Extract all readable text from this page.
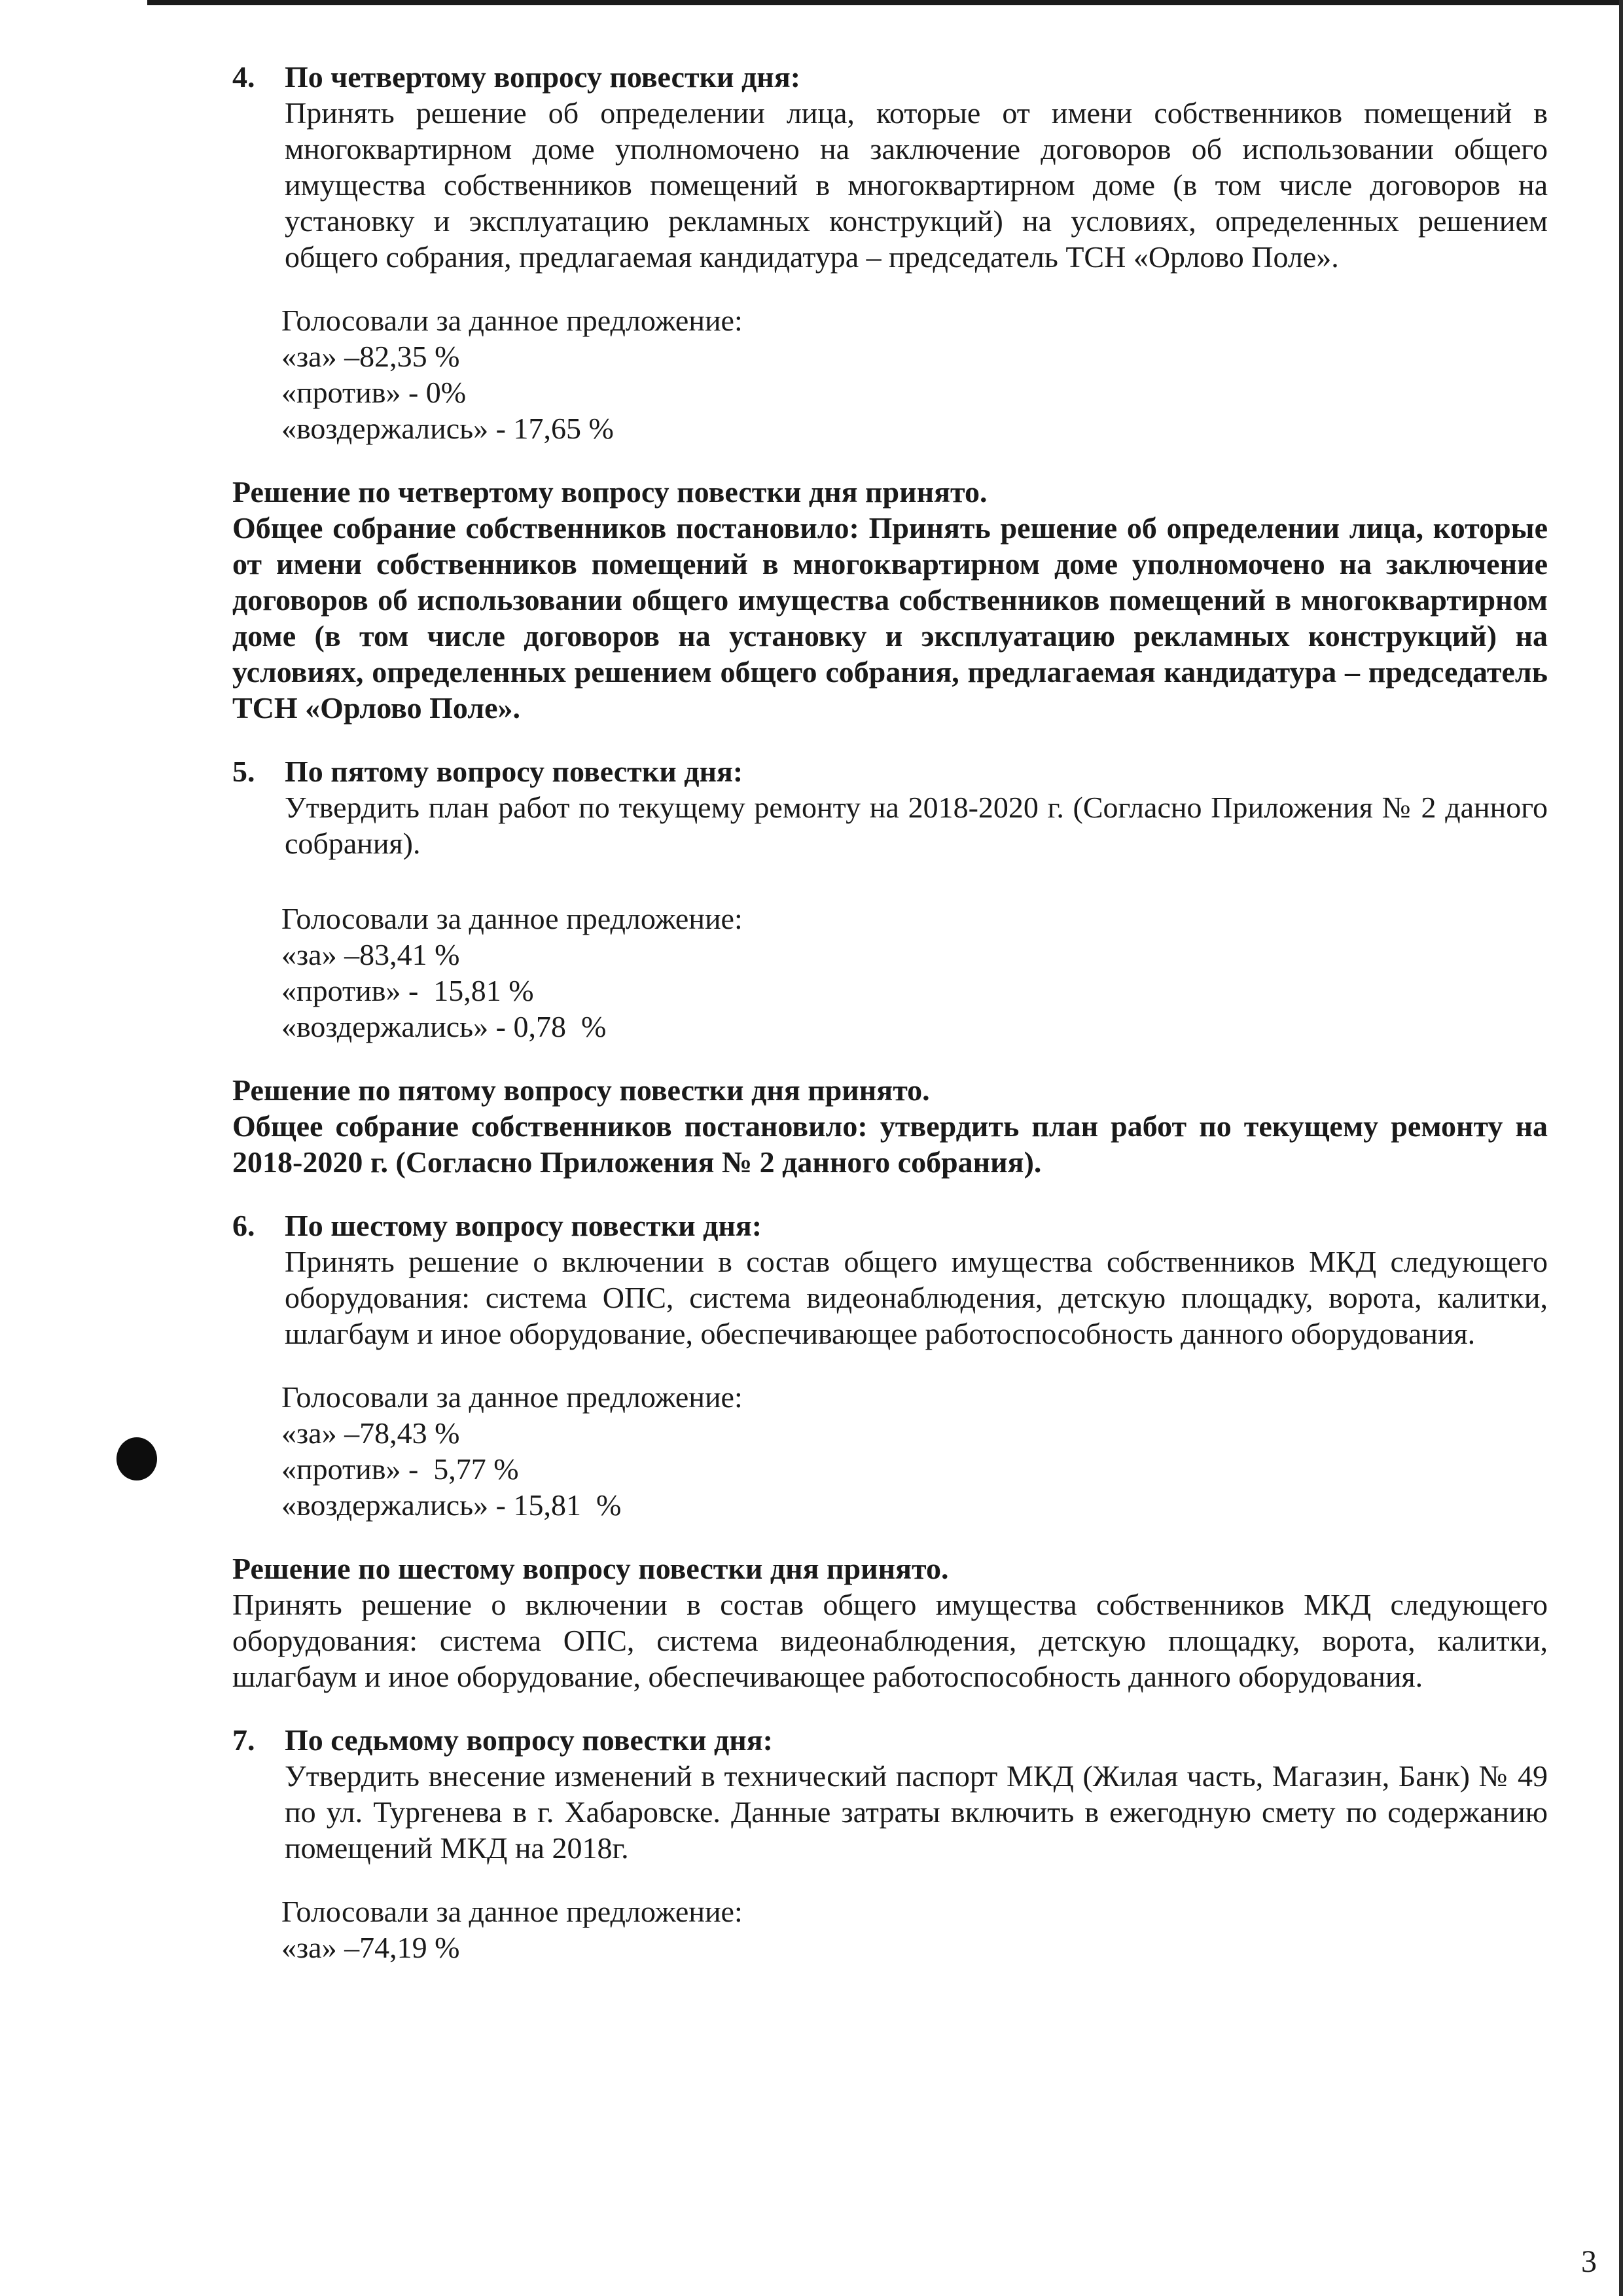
4. По четвертому вопросу повестки дня:
Принять решение об определении лица, которые от имени собственников помещений в многоквартирном доме уполномочено на заключение договоров об использовании общего имущества собственников помещений в многоквартирном доме (в том числе договоров на установку и эксплуатацию рекламных конструкций) на условиях, определенных решением общего собрания, предлагаемая кандидатура – председатель ТСН «Орлово Поле».
Голосовали за данное предложение:
«за» –82,35 %
«против» - 0%
«воздержались» - 17,65 %
Решение по четвертому вопросу повестки дня принято.
Общее собрание собственников постановило: Принять решение об определении лица, которые от имени собственников помещений в многоквартирном доме уполномочено на заключение договоров об использовании общего имущества собственников помещений в многоквартирном доме (в том числе договоров на установку и эксплуатацию рекламных конструкций) на условиях, определенных решением общего собрания, предлагаемая кандидатура – председатель ТСН «Орлово Поле».
5. По пятому вопросу повестки дня:
Утвердить план работ по текущему ремонту на 2018-2020 г. (Согласно Приложения № 2 данного собрания).
Голосовали за данное предложение:
«за» –83,41 %
«против» -  15,81 %
«воздержались» - 0,78  %
Решение по пятому вопросу повестки дня принято.
Общее собрание собственников постановило: утвердить план работ по текущему ремонту на 2018-2020 г. (Согласно Приложения № 2 данного собрания).
6. По шестому вопросу повестки дня:
Принять решение о включении в состав общего имущества собственников МКД следующего оборудования: система ОПС, система видеонаблюдения, детскую площадку, ворота, калитки, шлагбаум и иное оборудование, обеспечивающее работоспособность данного оборудования.
Голосовали за данное предложение:
«за» –78,43 %
«против» -  5,77 %
«воздержались» - 15,81  %
Решение по шестому вопросу повестки дня принято.
Принять решение о включении в состав общего имущества собственников МКД следующего оборудования: система ОПС, система видеонаблюдения, детскую площадку, ворота, калитки, шлагбаум и иное оборудование, обеспечивающее работоспособность данного оборудования.
7. По седьмому вопросу повестки дня:
Утвердить внесение изменений в технический паспорт МКД (Жилая часть, Магазин, Банк) № 49 по ул. Тургенева в г. Хабаровске. Данные затраты включить в ежегодную смету по содержанию помещений МКД на 2018г.
Голосовали за данное предложение:
«за» –74,19 %
3
